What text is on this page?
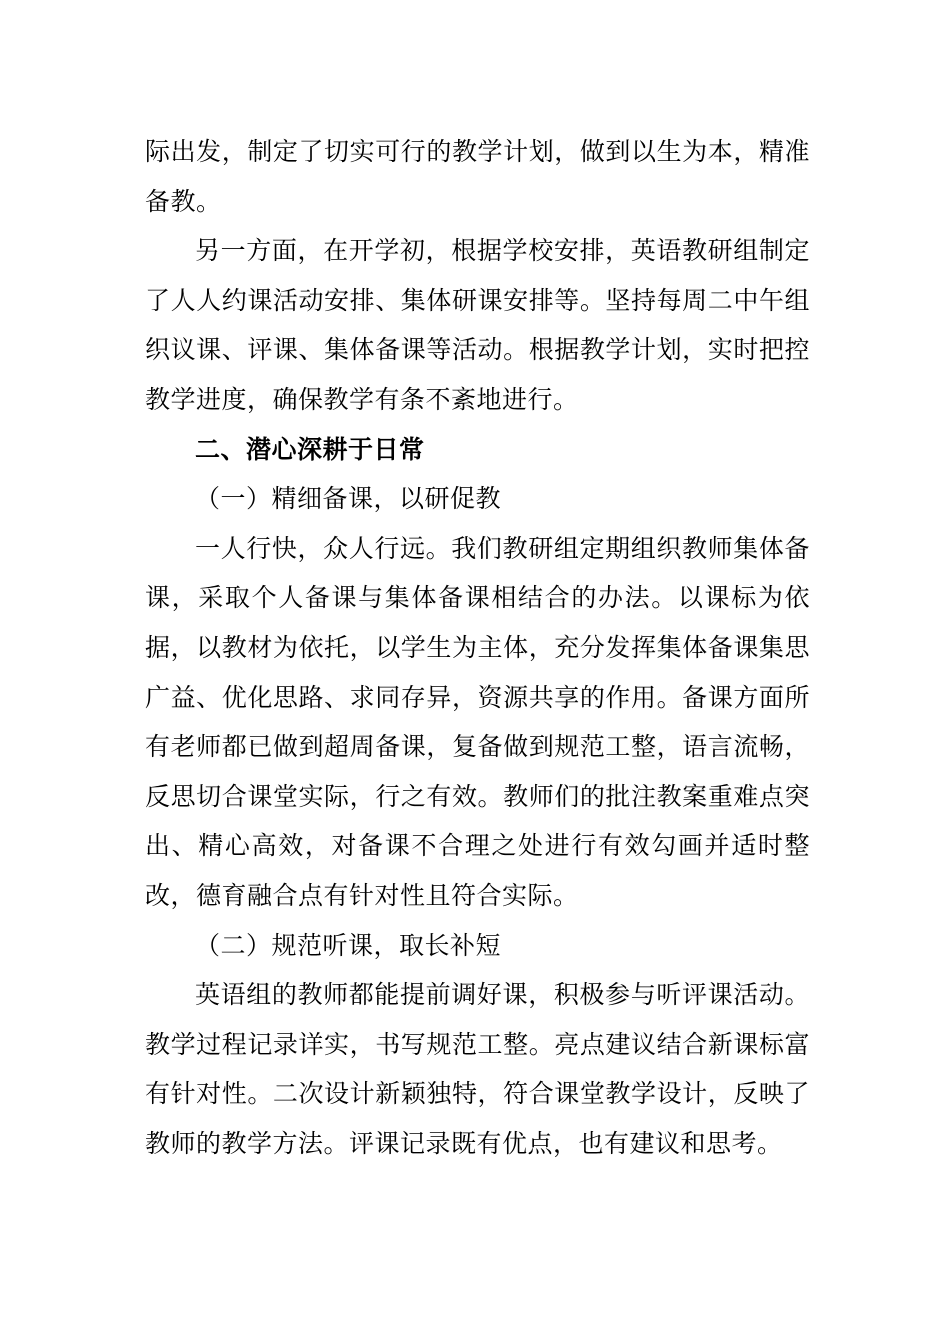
际出发，制定了切实可行的教学计划，做到以生为本，精准备教。

另一方面，在开学初，根据学校安排，英语教研组制定了人人约课活动安排、集体研课安排等。坚持每周二中午组织议课、评课、集体备课等活动。根据教学计划，实时把控教学进度，确保教学有条不紊地进行。

二、潜心深耕于日常

（一）精细备课，以研促教

一人行快，众人行远。我们教研组定期组织教师集体备课，采取个人备课与集体备课相结合的办法。以课标为依据，以教材为依托，以学生为主体，充分发挥集体备课集思广益、优化思路、求同存异，资源共享的作用。备课方面所有老师都已做到超周备课，复备做到规范工整，语言流畅，反思切合课堂实际，行之有效。教师们的批注教案重难点突出、精心高效，对备课不合理之处进行有效勾画并适时整改，德育融合点有针对性且符合实际。

（二）规范听课，取长补短

英语组的教师都能提前调好课，积极参与听评课活动。教学过程记录详实，书写规范工整。亮点建议结合新课标富有针对性。二次设计新颖独特，符合课堂教学设计，反映了教师的教学方法。评课记录既有优点，也有建议和思考。
